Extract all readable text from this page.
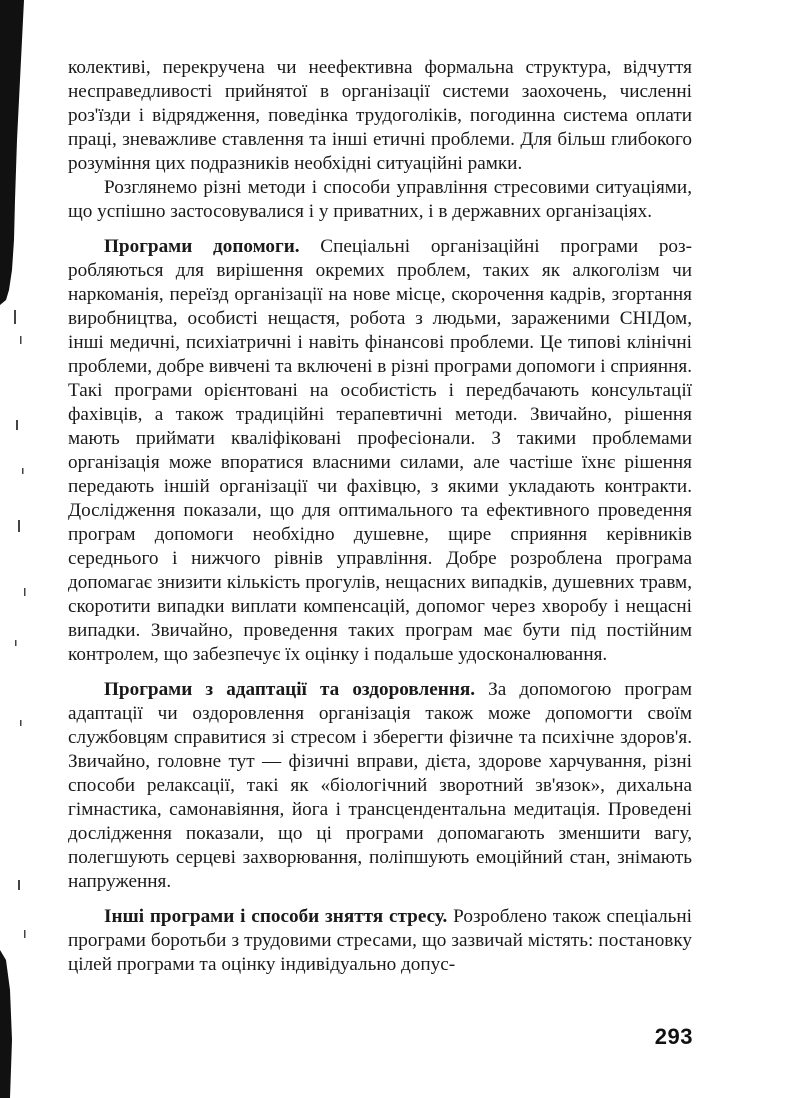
колективі, перекручена чи неефективна формальна структура, відчуття несправедливості прийнятої в організації системи заохочень, численні роз'їзди і відрядження, поведінка трудоголіків, погодинна система оплати праці, зневажливе ставлення та інші етичні проблеми. Для більш глибокого розуміння цих подразників необхідні ситуаційні рамки.

Розглянемо різні методи і способи управління стресовими ситуаціями, що успішно застосовувалися і у приватних, і в державних організаціях.

Програми допомоги. Спеціальні організаційні програми розробляються для вирішення окремих проблем, таких як алкоголізм чи наркоманія, переїзд організації на нове місце, скорочення кадрів, згортання виробництва, особисті нещастя, робота з людьми, зараженими СНІДом, інші медичні, психіатричні і навіть фінансові проблеми. Це типові клінічні проблеми, добре вивчені та включені в різні програми допомоги і сприяння. Такі програми орієнтовані на особистість і передбачають консультації фахівців, а також традиційні терапевтичні методи. Звичайно, рішення мають приймати кваліфіковані професіонали. З такими проблемами організація може впоратися власними силами, але частіше їхнє рішення передають іншій організації чи фахівцю, з якими укладають контракти. Дослідження показали, що для оптимального та ефективного проведення програм допомоги необхідно душевне, щире сприяння керівників середнього і нижчого рівнів управління. Добре розроблена програма допомагає знизити кількість прогулів, нещасних випадків, душевних травм, скоротити випадки виплати компенсацій, допомог через хворобу і нещасні випадки. Звичайно, проведення таких програм має бути під постійним контролем, що забезпечує їх оцінку і подальше удосконалювання.

Програми з адаптації та оздоровлення. За допомогою програм адаптації чи оздоровлення організація також може допомогти своїм службовцям справитися зі стресом і зберегти фізичне та психічне здоров'я. Звичайно, головне тут — фізичні вправи, дієта, здорове харчування, різні способи релаксації, такі як «біологічний зворотний зв'язок», дихальна гімнастика, самонавіяння, йога і трансцендентальна медитація. Проведені дослідження показали, що ці програми допомагають зменшити вагу, полегшують серцеві захворювання, поліпшують емоційний стан, знімають напруження.

Інші програми і способи зняття стресу. Розроблено також спеціальні програми боротьби з трудовими стресами, що зазвичай містять: постановку цілей програми та оцінку індивідуально допус-

293
